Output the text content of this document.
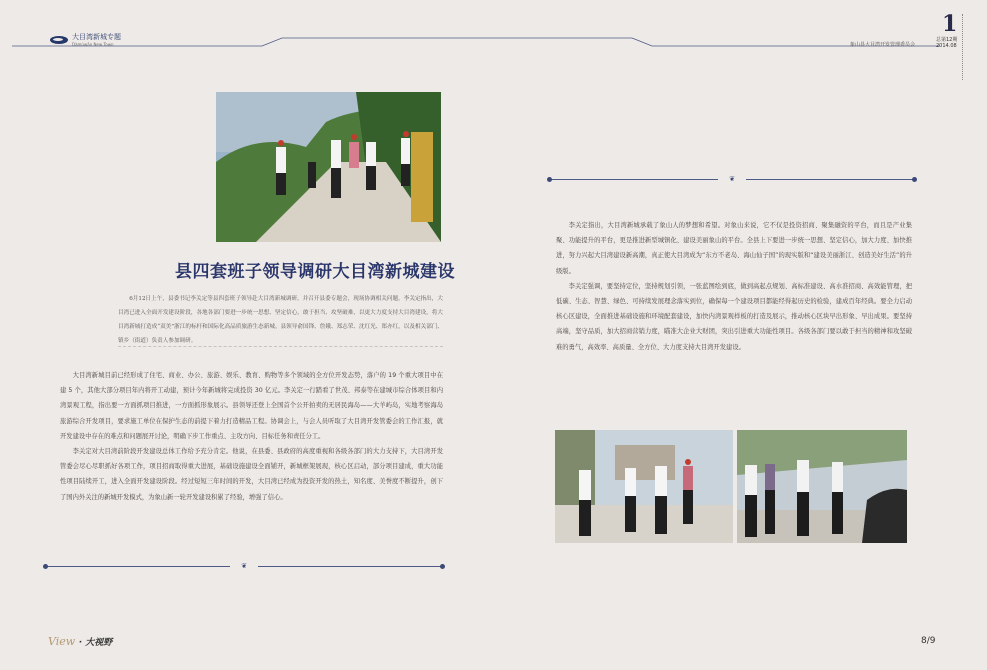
大目湾新城专题
Dàmùwān New Town
1
总第12期
2014.08
象山县大目湾开发管理委员会
县四套班子领导调研大目湾新城建设
6月12日上午，县委书记李关定等县四套班子领导赴大目湾新城调研，并召开县委专题会，现场协调相关问题。李关定指出，大目湾已进入全面开发建设阶段，各地各部门要进一步统一思想、坚定信心，敢于担当、攻坚破难，以更大力度支持大目湾建设，将大目湾新城打造成“双美”浙江的标杆和国际化高品质旅游生态新城。县领导俞国锋、詹娥、郑志荣、沈红光、郑亦红，以及相关部门、镇乡（街道）负责人参加调研。

大目湾新城目前已经形成了住宅、商业、办公、旅游、娱乐、教育、购物等多个领域的全方位开发态势，落户的 19 个重大项目中在建 5 个，其他大部分项目年内将开工动建，预计今年新城将完成投资 30 亿元。李关定一行踏看了世茂、邦泰等在建城市综合体项目和内湾景观工程，指出要一方面抓项目推进，一方面抓形象展示。县领导还登上全国首个公开拍卖的无居民海岛——大羊屿岛，实地考察海岛旅游综合开发项目，要求施工单位在保护生态的前提下着力打造精品工程。协调会上，与会人员听取了大目湾开发管委会的工作汇报，就开发建设中存在的难点和问题展开讨论，明确下步工作重点、主攻方向、目标任务和责任分工。

李关定对大目湾前阶段开发建设总体工作给予充分肯定。他说，在县委、县政府的高度重视和各级各部门的大力支持下，大目湾开发管委会尽心尽职抓好各项工作，项目招商取得重大进展，基础设施建设全面铺开，新城框架展现，核心区启动，部分项目建成，重大功能性项目陆续开工，进入全面开发建设阶段。经过短短三年时间的开发，大目湾已经成为投资开发的热土，知名度、美誉度不断提升，创下了国内外关注的新城开发模式，为象山新一轮开发建设积累了经验，增强了信心。

❦
❦

李关定指出，大目湾新城承载了象山人的梦想和希望。对象山来说，它不仅是投资招商、聚集融资的平台，而且是产业集聚、功能提升的平台，更是推进新型城镇化、建设美丽象山的平台。全县上下要进一步统一思想、坚定信心，加大力度、加快推进，努力兴起大目湾建设新高潮，真正使大目湾成为“东方不老岛、海山仙子国”的现实版和“建设美丽浙江、创造美好生活”的升级版。

李关定强调，要坚持定位，坚持规划引领，一张蓝图绘到底，做到高起点规划、高标准建设、高水准招商、高效能管理，把低碳、生态、智慧、绿色、可持续发展理念落实到位，确保每一个建设项目都能经得起历史的检验，建成百年经典。要全力启动核心区建设，全面推进基础设施和环境配套建设，加快内湾景观样板的打造及展示，推动核心区块早出形象、早出成果。要坚持高端，坚守品质，加大招商营销力度，瞄准大企业大财团，突出引进重大功能性项目。各级各部门要以敢于担当的精神和攻坚破难的勇气，高效率、高质量、全方位、大力度支持大目湾开发建设。

View · 大视野	8/9
